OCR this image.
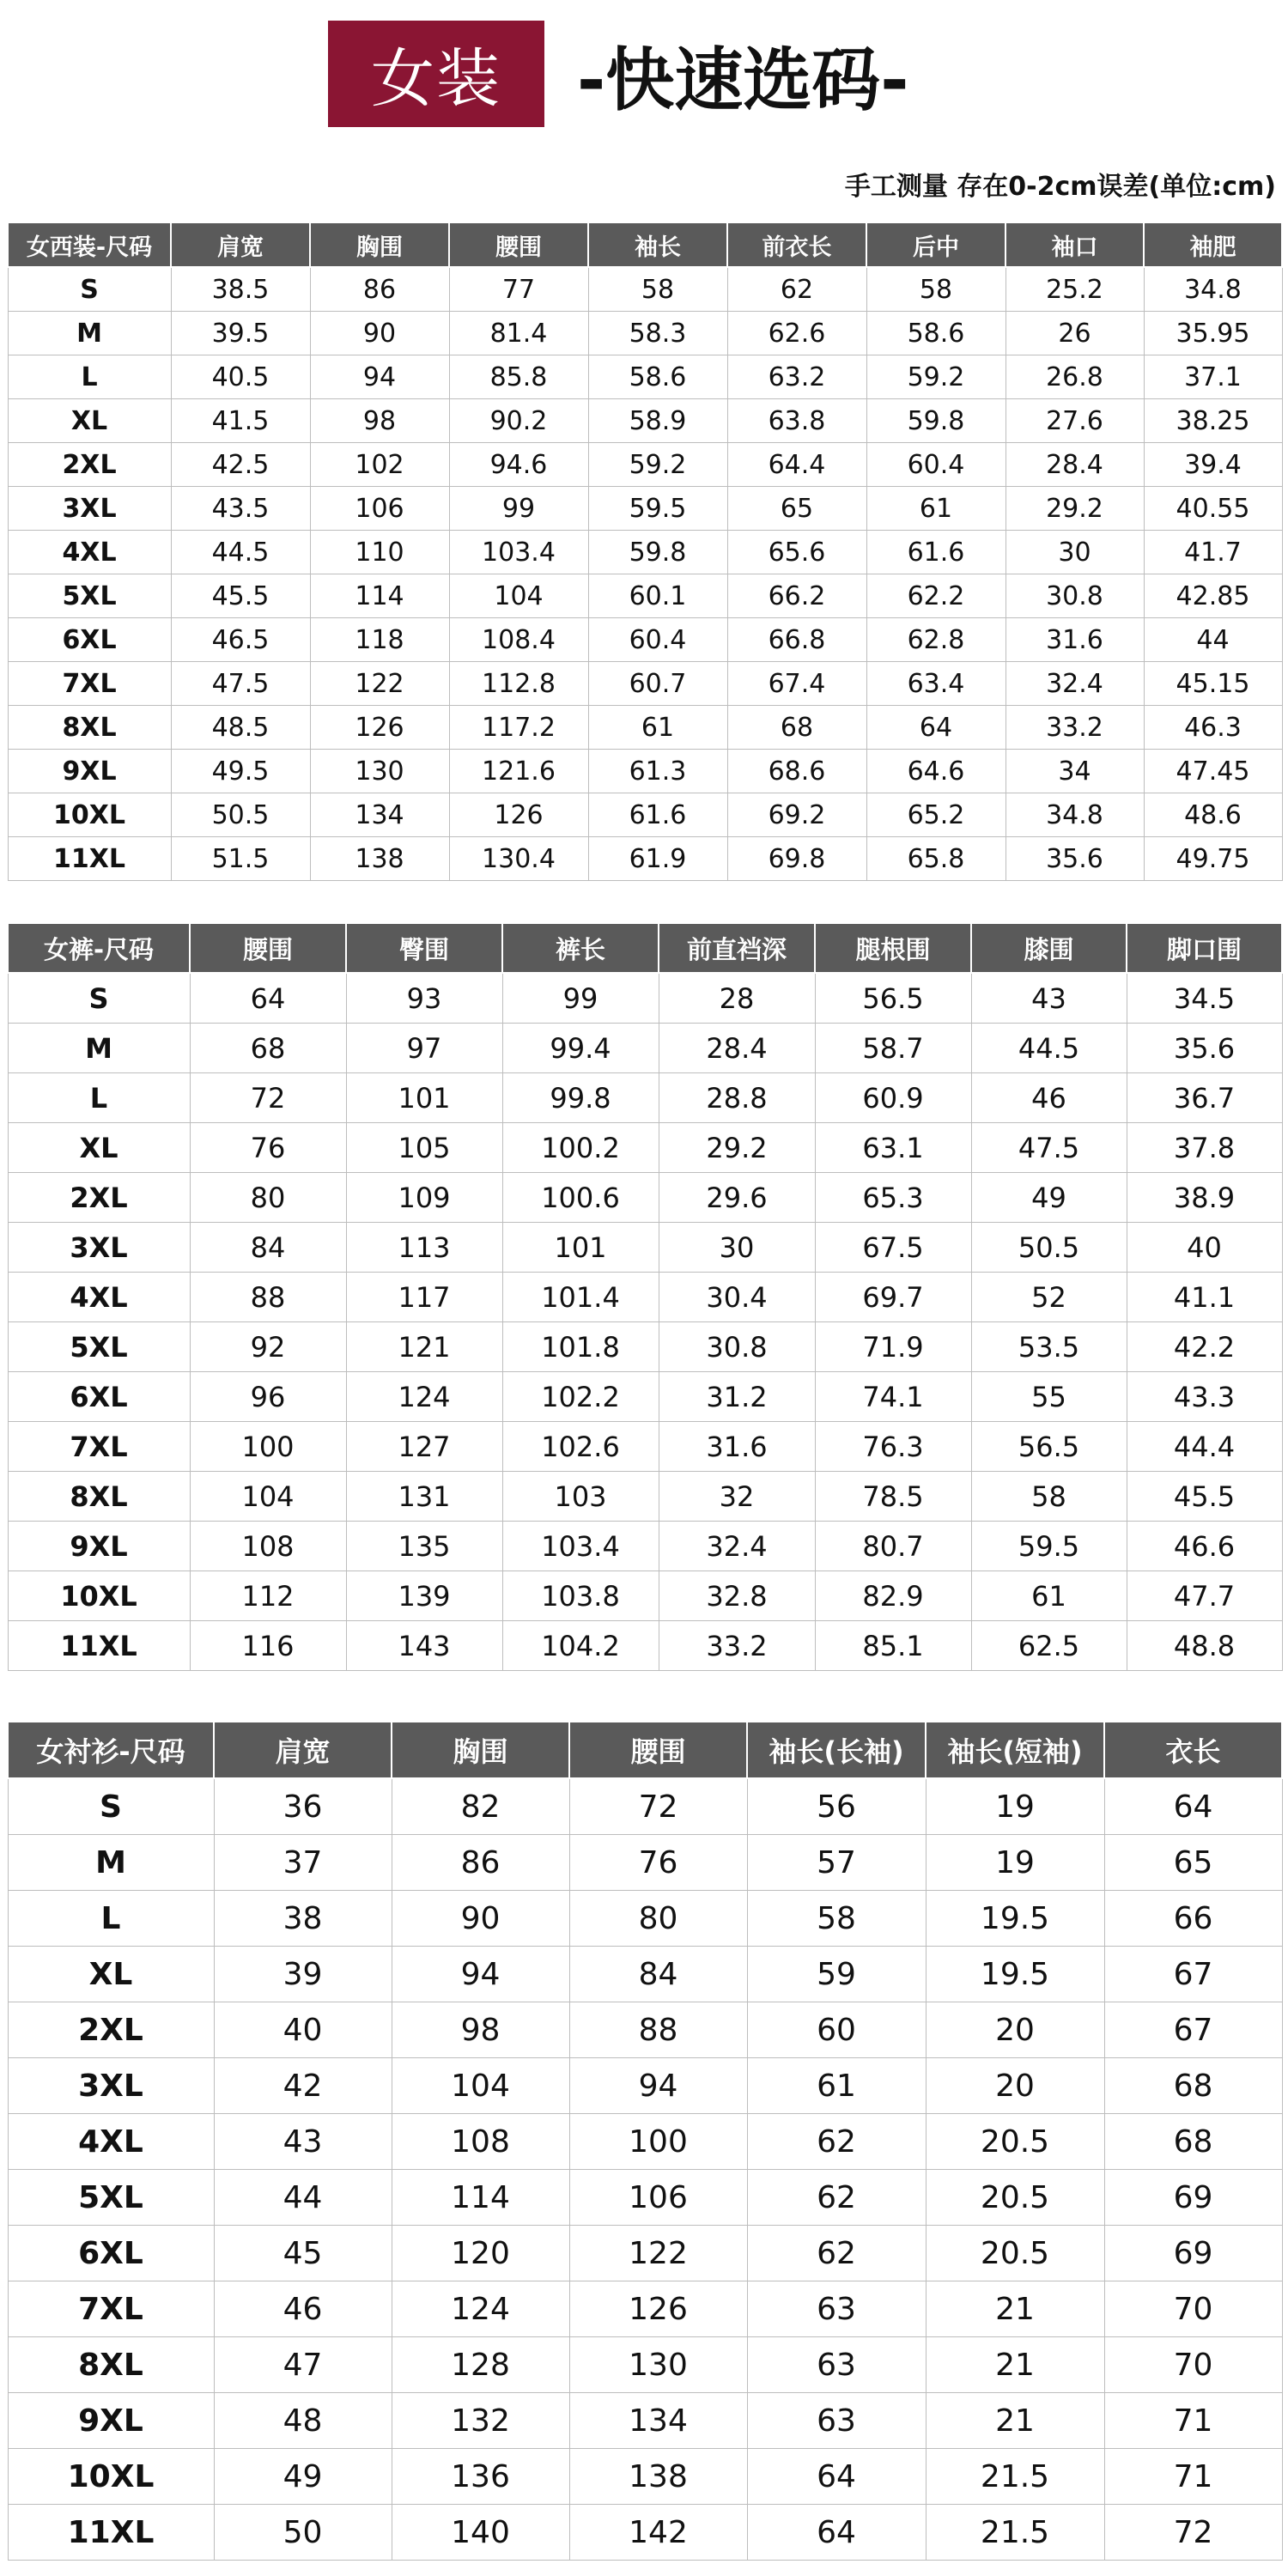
女装	-快速选码-
手工测量 存在0-2cm误差(单位:cm)
女西装-尺码	肩宽	胸围	腰围	袖长	前衣长	后中	袖口	袖肥
S	38.5	86	77	58	62	58	25.2	34.8
M	39.5	90	81.4	58.3	62.6	58.6	26	35.95
L	40.5	94	85.8	58.6	63.2	59.2	26.8	37.1
XL	41.5	98	90.2	58.9	63.8	59.8	27.6	38.25
2XL	42.5	102	94.6	59.2	64.4	60.4	28.4	39.4
3XL	43.5	106	99	59.5	65	61	29.2	40.55
4XL	44.5	110	103.4	59.8	65.6	61.6	30	41.7
5XL	45.5	114	104	60.1	66.2	62.2	30.8	42.85
6XL	46.5	118	108.4	60.4	66.8	62.8	31.6	44
7XL	47.5	122	112.8	60.7	67.4	63.4	32.4	45.15
8XL	48.5	126	117.2	61	68	64	33.2	46.3
9XL	49.5	130	121.6	61.3	68.6	64.6	34	47.45
10XL	50.5	134	126	61.6	69.2	65.2	34.8	48.6
11XL	51.5	138	130.4	61.9	69.8	65.8	35.6	49.75
女裤-尺码	腰围	臀围	裤长	前直裆深	腿根围	膝围	脚口围
S	64	93	99	28	56.5	43	34.5
M	68	97	99.4	28.4	58.7	44.5	35.6
L	72	101	99.8	28.8	60.9	46	36.7
XL	76	105	100.2	29.2	63.1	47.5	37.8
2XL	80	109	100.6	29.6	65.3	49	38.9
3XL	84	113	101	30	67.5	50.5	40
4XL	88	117	101.4	30.4	69.7	52	41.1
5XL	92	121	101.8	30.8	71.9	53.5	42.2
6XL	96	124	102.2	31.2	74.1	55	43.3
7XL	100	127	102.6	31.6	76.3	56.5	44.4
8XL	104	131	103	32	78.5	58	45.5
9XL	108	135	103.4	32.4	80.7	59.5	46.6
10XL	112	139	103.8	32.8	82.9	61	47.7
11XL	116	143	104.2	33.2	85.1	62.5	48.8
女衬衫-尺码	肩宽	胸围	腰围	袖长(长袖)	袖长(短袖)	衣长
S	36	82	72	56	19	64
M	37	86	76	57	19	65
L	38	90	80	58	19.5	66
XL	39	94	84	59	19.5	67
2XL	40	98	88	60	20	67
3XL	42	104	94	61	20	68
4XL	43	108	100	62	20.5	68
5XL	44	114	106	62	20.5	69
6XL	45	120	122	62	20.5	69
7XL	46	124	126	63	21	70
8XL	47	128	130	63	21	70
9XL	48	132	134	63	21	71
10XL	49	136	138	64	21.5	71
11XL	50	140	142	64	21.5	72
